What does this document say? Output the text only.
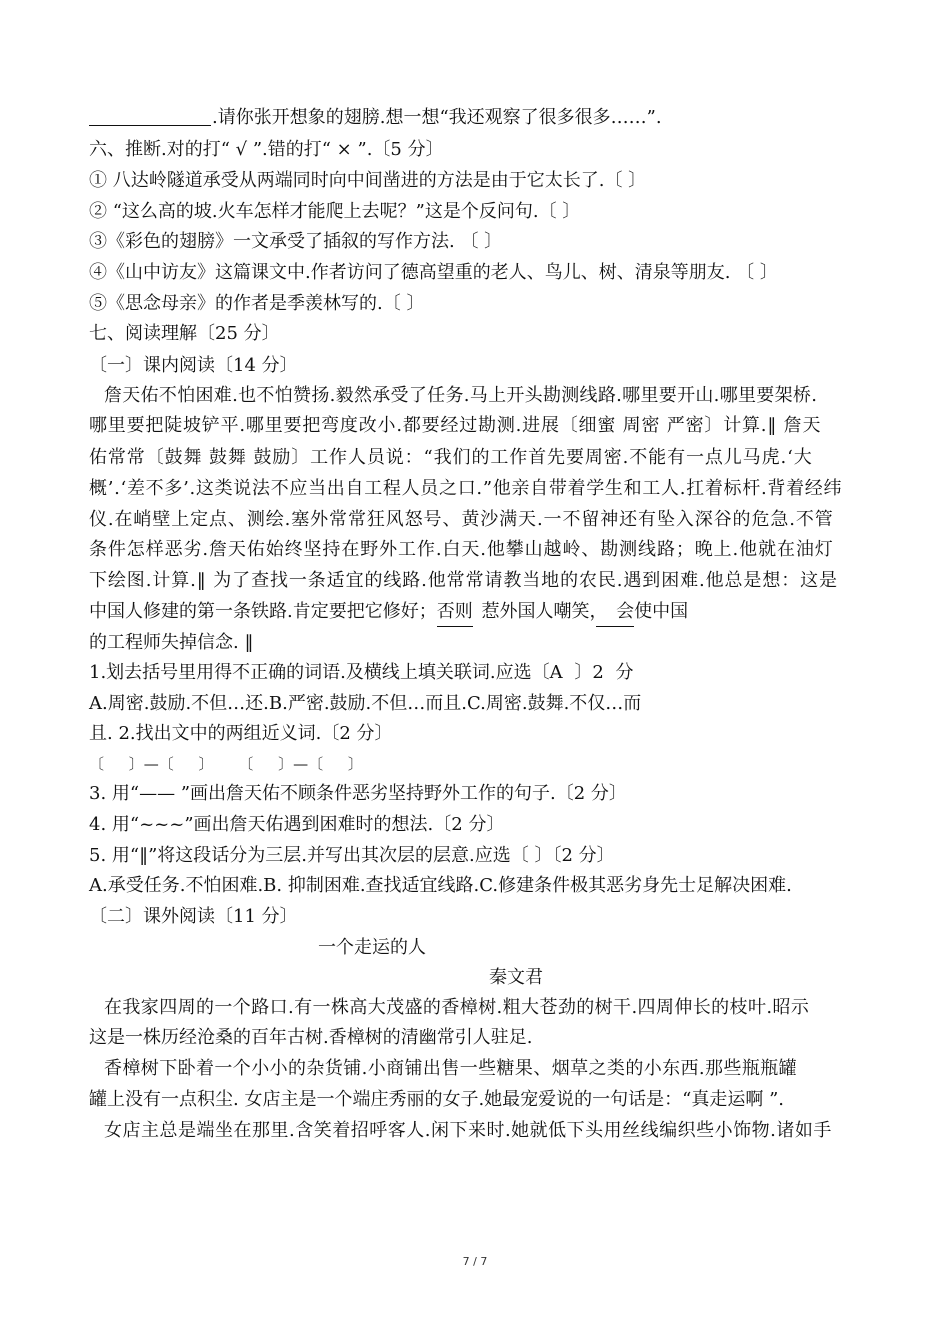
.请你张开想象的翅膀.想一想“我还观察了很多很多……”.
六、推断.对的打“ √ ”.错的打“ × ”.〔5 分〕
① 八达岭隧道承受从两端同时向中间凿进的方法是由于它太长了.〔 〕
② “这么高的坡.火车怎样才能爬上去呢？”这是个反问句.〔 〕
③《彩色的翅膀》一文承受了插叙的写作方法. 〔 〕
④《山中访友》这篇课文中.作者访问了德高望重的老人、鸟儿、树、清泉等朋友. 〔 〕
⑤《思念母亲》的作者是季羡林写的.〔 〕
七、阅读理解〔25 分〕
〔一〕课内阅读〔14 分〕
詹天佑不怕困难.也不怕赞扬.毅然承受了任务.马上开头勘测线路.哪里要开山.哪里要架桥.
哪里要把陡坡铲平.哪里要把弯度改小.都要经过勘测.进展〔细蜜 周密 严密〕计算.‖ 詹天
佑常常〔鼓舞 鼓舞 鼓励〕工作人员说：“我们的工作首先要周密.不能有一点儿马虎.‘大
概’.‘差不多’.这类说法不应当出自工程人员之口.”他亲自带着学生和工人.扛着标杆.背着经纬
仪.在峭壁上定点、测绘.塞外常常狂风怒号、黄沙满天.一不留神还有坠入深谷的危急.不管
条件怎样恶劣.詹天佑始终坚持在野外工作.白天.他攀山越岭、勘测线路；晚上.他就在油灯
下绘图.计算.‖ 为了查找一条适宜的线路.他常常请教当地的农民.遇到困难.他总是想：这是
中国人修建的第一条铁路.肯定要把它修好；否则 惹外国人嘲笑， 会使中国
的工程师失掉信念. ‖
1.划去括号里用得不正确的词语.及横线上填关联词.应选〔A 〕2 分
A.周密.鼓励.不但…还.B.严密.鼓励.不但…而且.C.周密.鼓舞.不仅…而
且. 2.找出文中的两组近义词.〔2 分〕
〔 〕—〔 〕 〔 〕—〔 〕
3. 用“—— ”画出詹天佑不顾条件恶劣坚持野外工作的句子.〔2 分〕
4. 用“~~~”画出詹天佑遇到困难时的想法.〔2 分〕
5. 用“‖”将这段话分为三层.并写出其次层的层意.应选〔 〕〔2 分〕
A.承受任务.不怕困难.B. 抑制困难.查找适宜线路.C.修建条件极其恶劣身先士足解决困难.
〔二〕课外阅读〔11 分〕
一个走运的人
秦文君
在我家四周的一个路口.有一株高大茂盛的香樟树.粗大苍劲的树干.四周伸长的枝叶.昭示
这是一株历经沧桑的百年古树.香樟树的清幽常引人驻足.
香樟树下卧着一个小小的杂货铺.小商铺出售一些糖果、烟草之类的小东西.那些瓶瓶罐
罐上没有一点积尘. 女店主是一个端庄秀丽的女子.她最宠爱说的一句话是：“真走运啊 ”.
女店主总是端坐在那里.含笑着招呼客人.闲下来时.她就低下头用丝线编织些小饰物.诸如手
7 / 7
